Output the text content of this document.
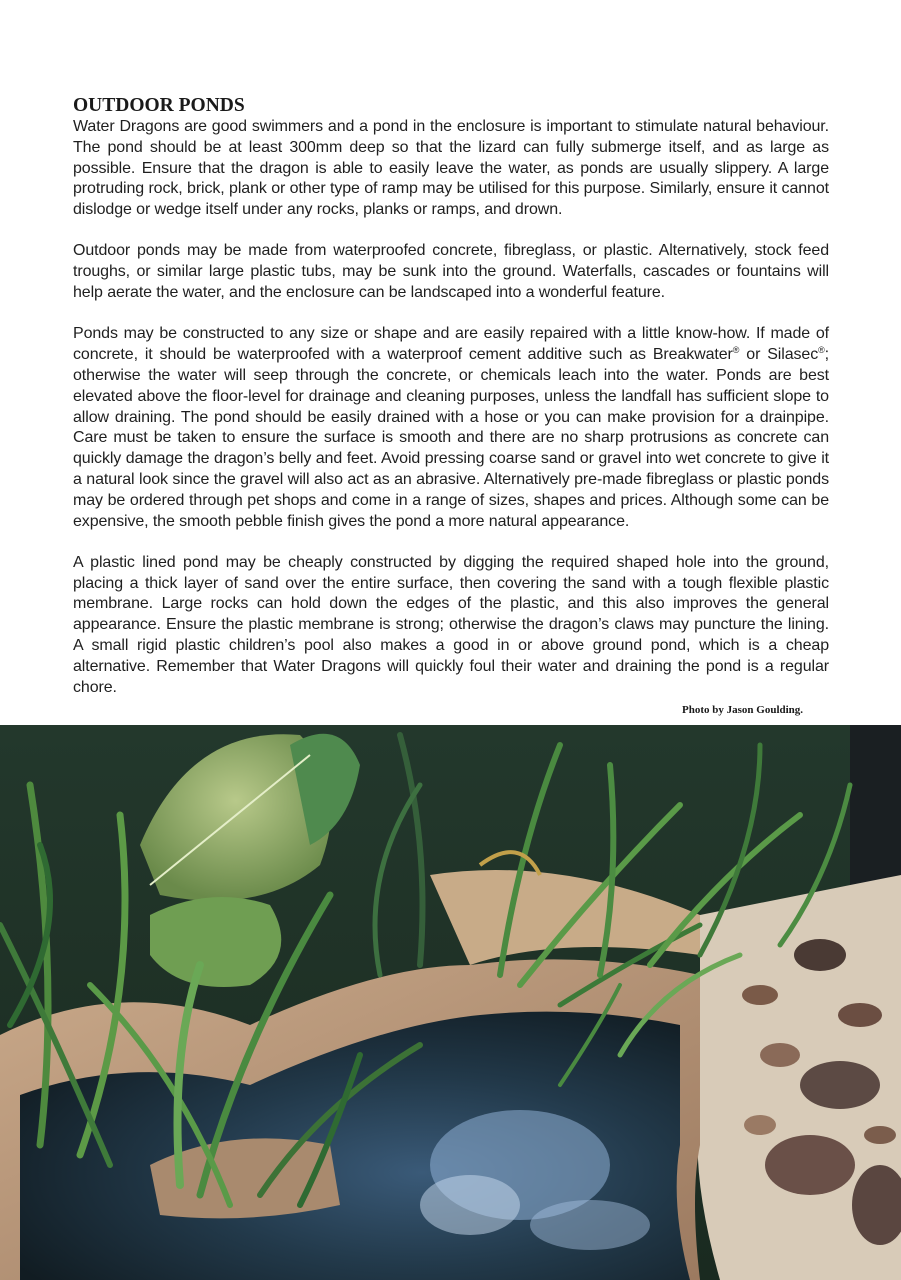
OUTDOOR PONDS

Water Dragons are good swimmers and a pond in the enclosure is important to stimulate natural behaviour. The pond should be at least 300mm deep so that the lizard can fully submerge itself, and as large as possible. Ensure that the dragon is able to easily leave the water, as ponds are usually slippery. A large protruding rock, brick, plank or other type of ramp may be utilised for this purpose. Similarly, ensure it cannot dislodge or wedge itself under any rocks, planks or ramps, and drown.

Outdoor ponds may be made from waterproofed concrete, fibreglass, or plastic. Alternatively, stock feed troughs, or similar large plastic tubs, may be sunk into the ground. Waterfalls, cascades or fountains will help aerate the water, and the enclosure can be landscaped into a wonderful feature.

Ponds may be constructed to any size or shape and are easily repaired with a little know-how. If made of concrete, it should be waterproofed with a waterproof cement additive such as Breakwater® or Silasec®; otherwise the water will seep through the concrete, or chemicals leach into the water. Ponds are best elevated above the floor-level for drainage and cleaning purposes, unless the landfall has sufficient slope to allow draining. The pond should be easily drained with a hose or you can make provision for a drainpipe. Care must be taken to ensure the surface is smooth and there are no sharp protrusions as concrete can quickly damage the dragon’s belly and feet. Avoid pressing coarse sand or gravel into wet concrete to give it a natural look since the gravel will also act as an abrasive. Alternatively pre-made fibreglass or plastic ponds may be ordered through pet shops and come in a range of sizes, shapes and prices. Although some can be expensive, the smooth pebble finish gives the pond a more natural appearance.

A plastic lined pond may be cheaply constructed by digging the required shaped hole into the ground, placing a thick layer of sand over the entire surface, then covering the sand with a tough flexible plastic membrane. Large rocks can hold down the edges of the plastic, and this also improves the general appearance. Ensure the plastic membrane is strong; otherwise the dragon’s claws may puncture the lining. A small rigid plastic children’s pool also makes a good in or above ground pond, which is a cheap alternative. Remember that Water Dragons will quickly foul their water and draining the pond is a regular chore.

Photo by Jason Goulding.
